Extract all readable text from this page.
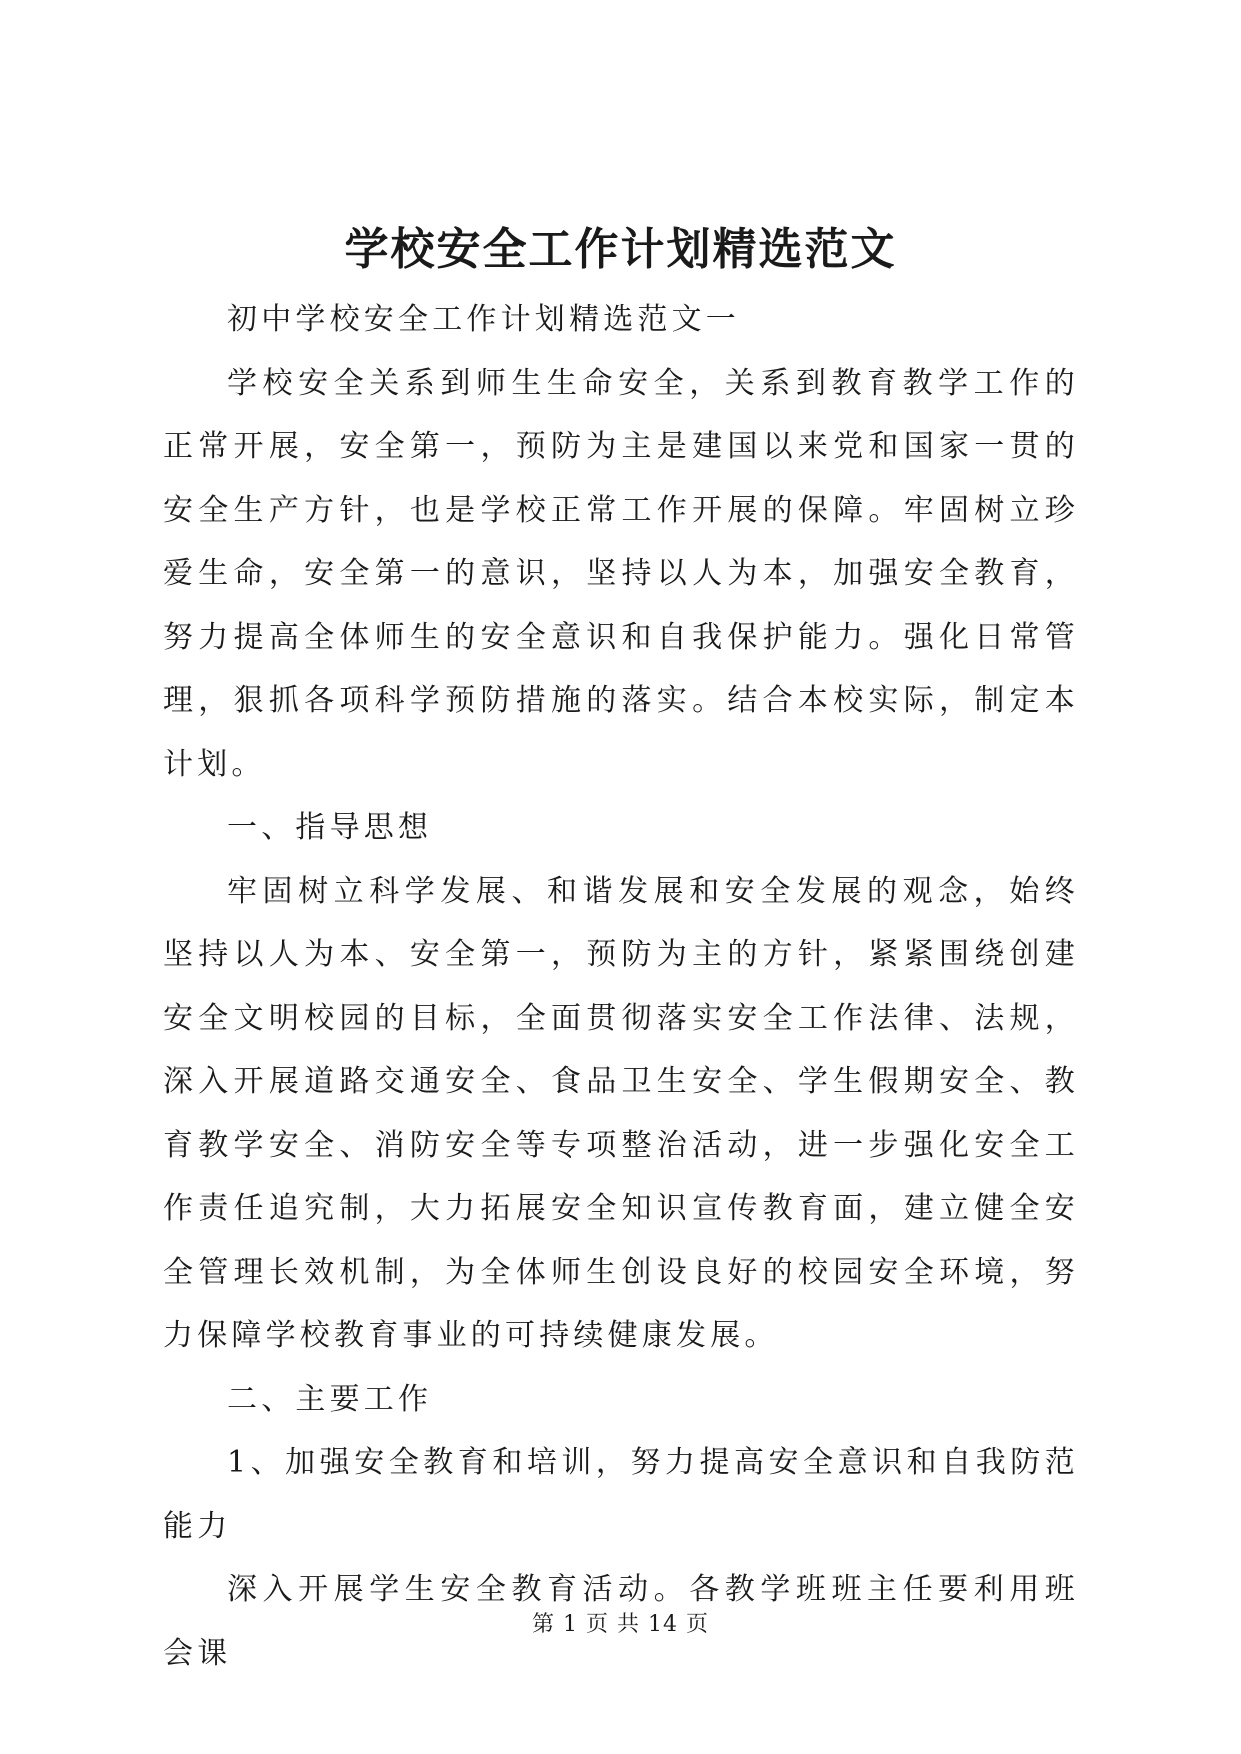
学校安全工作计划精选范文

初中学校安全工作计划精选范文一

学校安全关系到师生生命安全，关系到教育教学工作的正常开展，安全第一，预防为主是建国以来党和国家一贯的安全生产方针，也是学校正常工作开展的保障。牢固树立珍爱生命，安全第一的意识，坚持以人为本，加强安全教育，努力提高全体师生的安全意识和自我保护能力。强化日常管理，狠抓各项科学预防措施的落实。结合本校实际，制定本计划。

一、指导思想

牢固树立科学发展、和谐发展和安全发展的观念，始终坚持以人为本、安全第一，预防为主的方针，紧紧围绕创建安全文明校园的目标，全面贯彻落实安全工作法律、法规，深入开展道路交通安全、食品卫生安全、学生假期安全、教育教学安全、消防安全等专项整治活动，进一步强化安全工作责任追究制，大力拓展安全知识宣传教育面，建立健全安全管理长效机制，为全体师生创设良好的校园安全环境，努力保障学校教育事业的可持续健康发展。

二、主要工作

1、加强安全教育和培训，努力提高安全意识和自我防范能力

深入开展学生安全教育活动。各教学班班主任要利用班会课

第 1 页 共 14 页
